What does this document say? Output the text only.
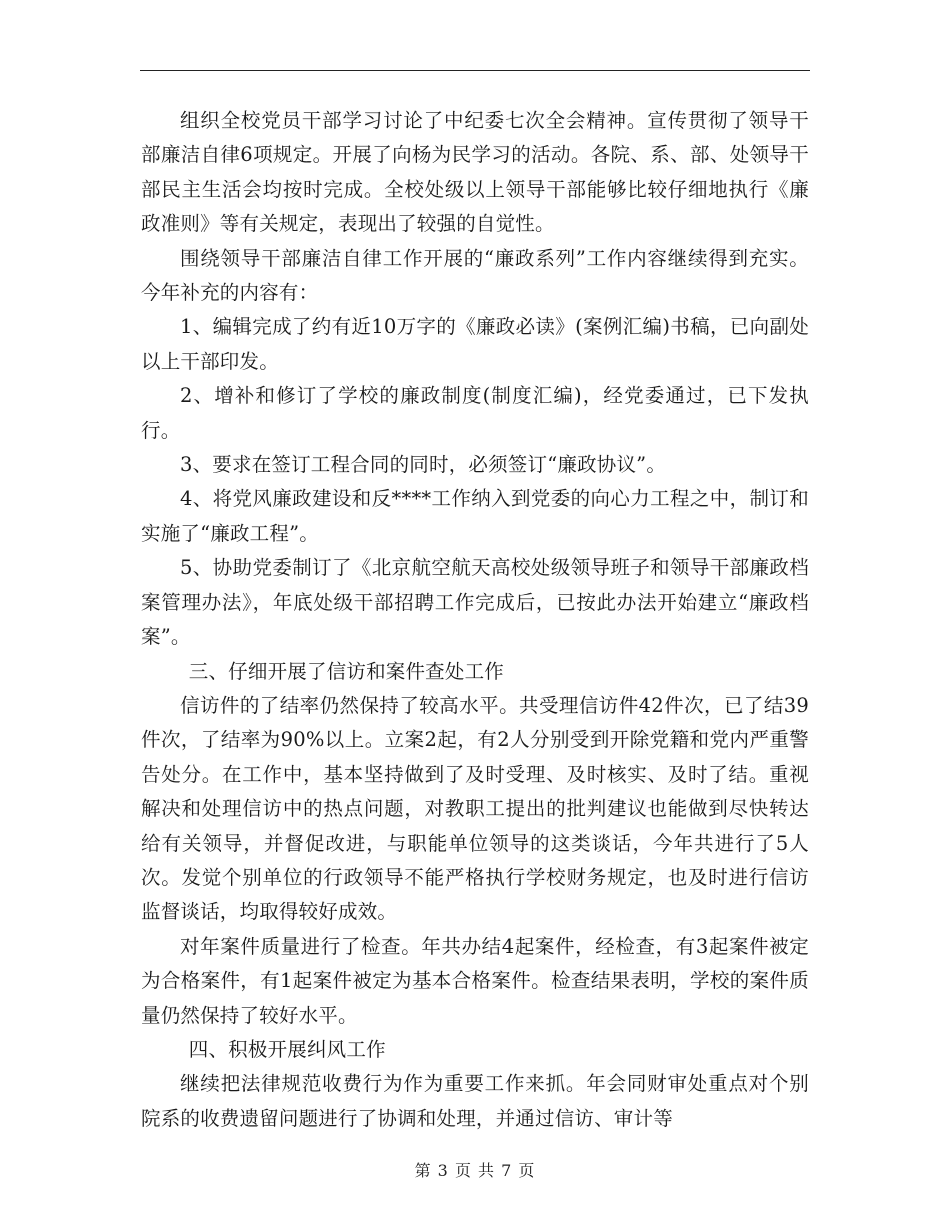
组织全校党员干部学习讨论了中纪委七次全会精神。宣传贯彻了领导干部廉洁自律6项规定。开展了向杨为民学习的活动。各院、系、部、处领导干部民主生活会均按时完成。全校处级以上领导干部能够比较仔细地执行《廉政准则》等有关规定，表现出了较强的自觉性。

围绕领导干部廉洁自律工作开展的“廉政系列”工作内容继续得到充实。今年补充的内容有：

1、编辑完成了约有近10万字的《廉政必读》(案例汇编)书稿，已向副处以上干部印发。

2、增补和修订了学校的廉政制度(制度汇编)，经党委通过，已下发执行。

3、要求在签订工程合同的同时，必须签订“廉政协议”。

4、将党风廉政建设和反****工作纳入到党委的向心力工程之中，制订和实施了“廉政工程”。

5、协助党委制订了《北京航空航天高校处级领导班子和领导干部廉政档案管理办法》，年底处级干部招聘工作完成后，已按此办法开始建立“廉政档案”。

三、仔细开展了信访和案件查处工作

信访件的了结率仍然保持了较高水平。共受理信访件42件次，已了结39件次，了结率为90%以上。立案2起，有2人分别受到开除党籍和党内严重警告处分。在工作中，基本坚持做到了及时受理、及时核实、及时了结。重视解决和处理信访中的热点问题，对教职工提出的批判建议也能做到尽快转达给有关领导，并督促改进，与职能单位领导的这类谈话，今年共进行了5人次。发觉个别单位的行政领导不能严格执行学校财务规定，也及时进行信访监督谈话，均取得较好成效。

对年案件质量进行了检查。年共办结4起案件，经检查，有3起案件被定为合格案件，有1起案件被定为基本合格案件。检查结果表明，学校的案件质量仍然保持了较好水平。

四、积极开展纠风工作

继续把法律规范收费行为作为重要工作来抓。年会同财审处重点对个别院系的收费遗留问题进行了协调和处理，并通过信访、审计等

第 3 页 共 7 页
